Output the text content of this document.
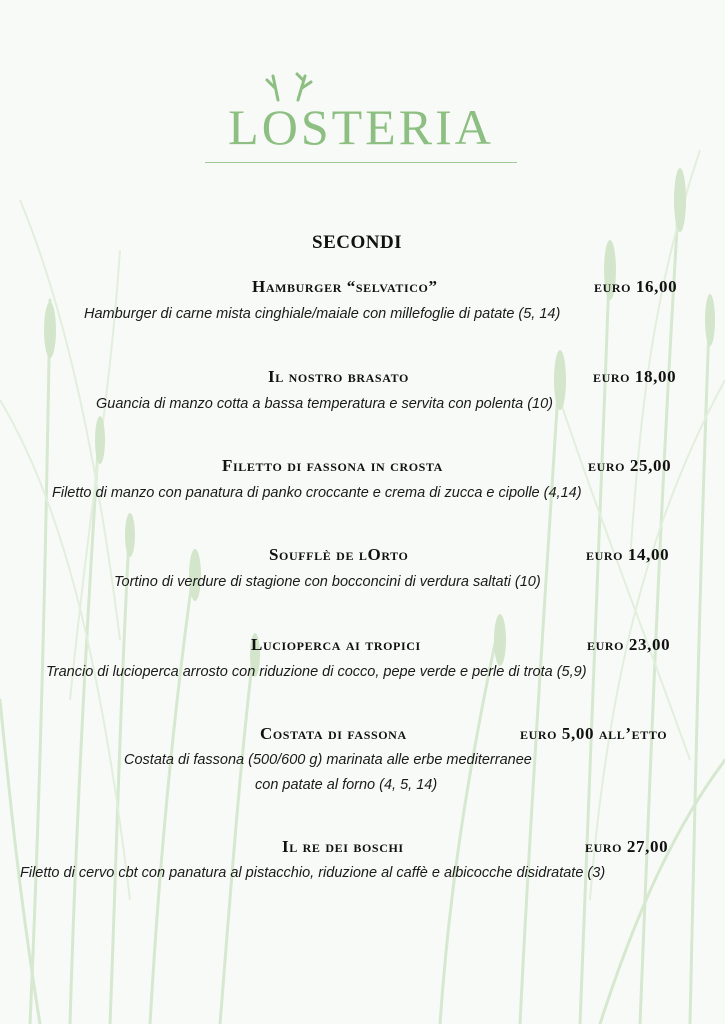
LOSTERIA
SECONDI
Hamburger “selvatico”	euro 16,00
Hamburger di carne mista cinghiale/maiale con millefoglie di patate (5, 14)
Il nostro brasato	euro 18,00
Guancia di manzo cotta a bassa temperatura e servita con polenta (10)
Filetto di fassona in crosta	euro 25,00
Filetto di manzo con panatura di panko croccante e crema di zucca e cipolle (4,14)
Soufflè de lOrto	euro 14,00
Tortino di verdure di stagione con bocconcini di verdura saltati (10)
Lucioperca ai tropici	euro 23,00
Trancio di lucioperca arrosto con riduzione di cocco, pepe verde e perle di trota (5,9)
Costata di fassona	euro 5,00 all’etto
Costata di fassona (500/600 g) marinata alle erbe mediterranee
con patate al forno (4, 5, 14)
Il re dei boschi	euro 27,00
Filetto di cervo cbt con panatura al pistacchio, riduzione al caffè e albicocche disidratate (3)
